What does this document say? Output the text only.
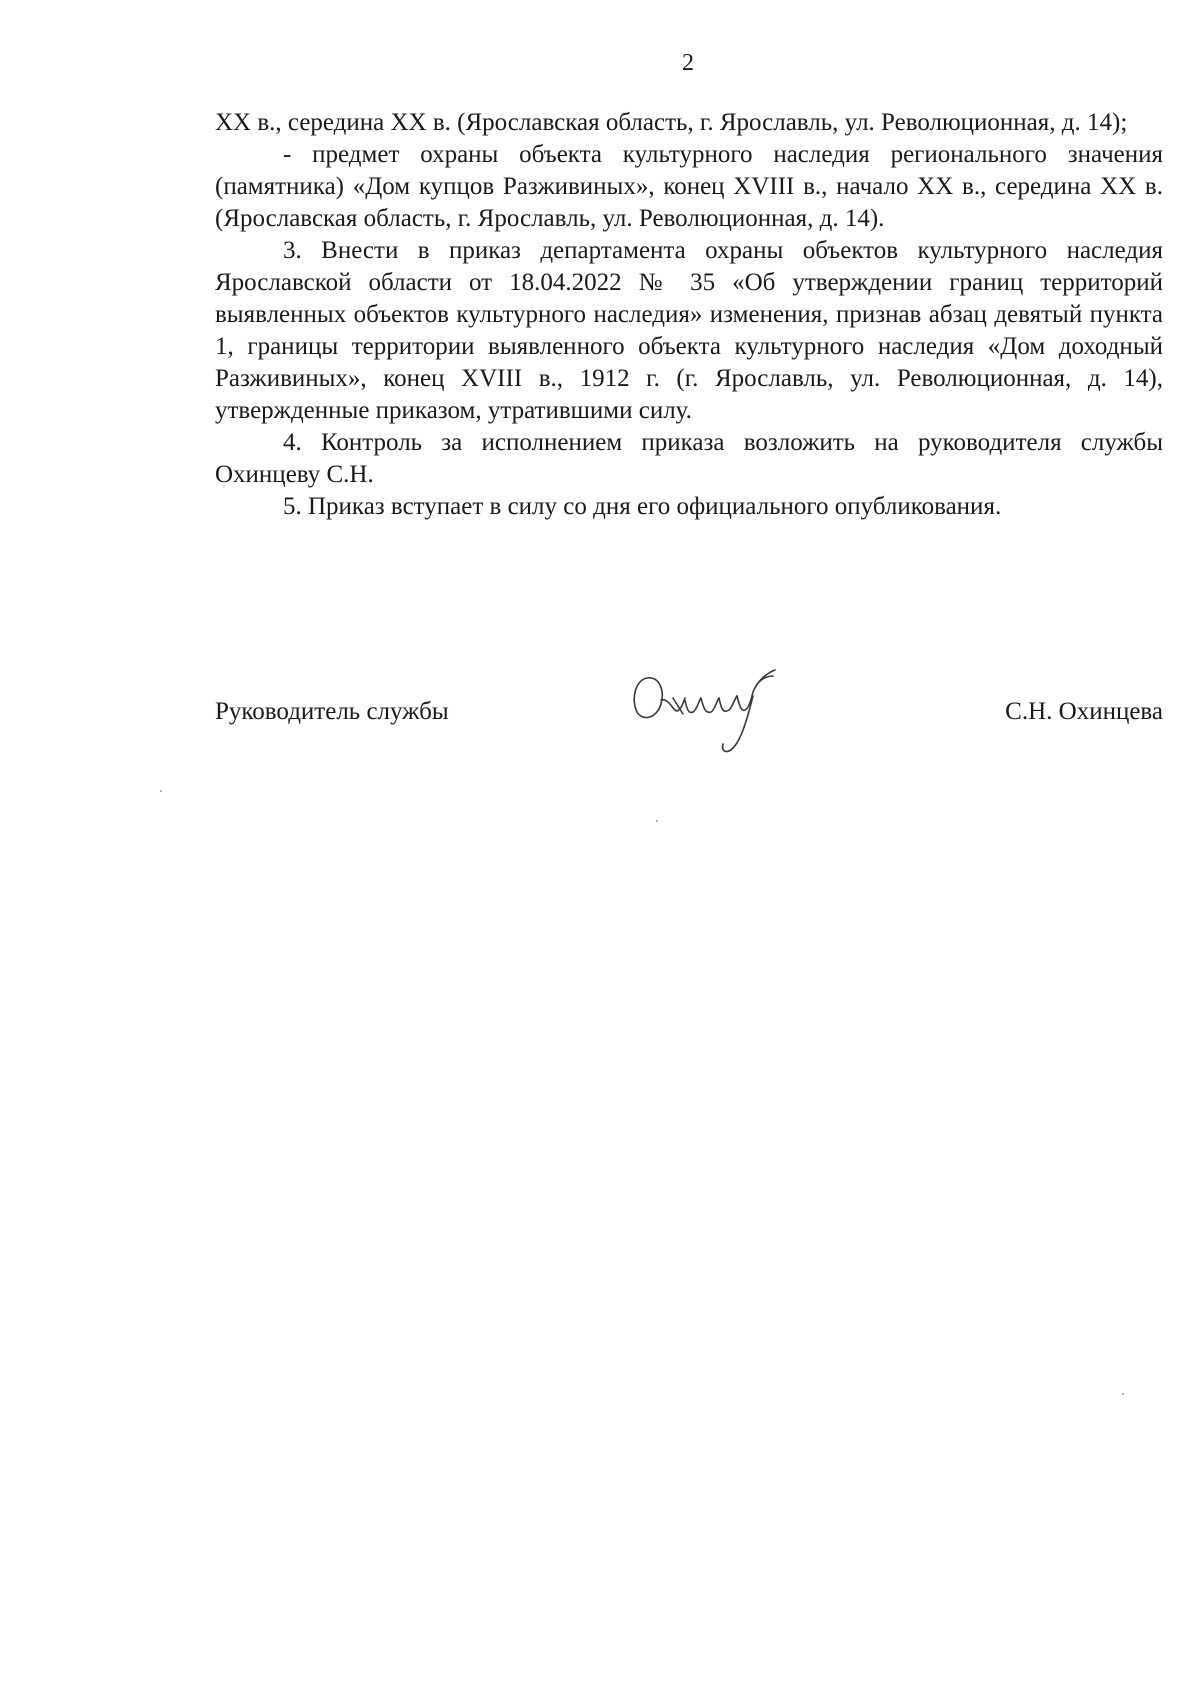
2

XX в., середина XX в. (Ярославская область, г. Ярославль, ул. Революционная, д. 14);

- предмет охраны объекта культурного наследия регионального значения (памятника) «Дом купцов Разживиных», конец XVIII в., начало XX в., середина XX в. (Ярославская область, г. Ярославль, ул. Революционная, д. 14).

3. Внести в приказ департамента охраны объектов культурного наследия Ярославской области от 18.04.2022 № 35 «Об утверждении границ территорий выявленных объектов культурного наследия» изменения, признав абзац девятый пункта 1, границы территории выявленного объекта культурного наследия «Дом доходный Разживиных», конец XVIII в., 1912 г. (г. Ярославль, ул. Революционная, д. 14), утвержденные приказом, утратившими силу.

4. Контроль за исполнением приказа возложить на руководителя службы Охинцеву С.Н.

5. Приказ вступает в силу со дня его официального опубликования.

Руководитель службы	С.Н. Охинцева
